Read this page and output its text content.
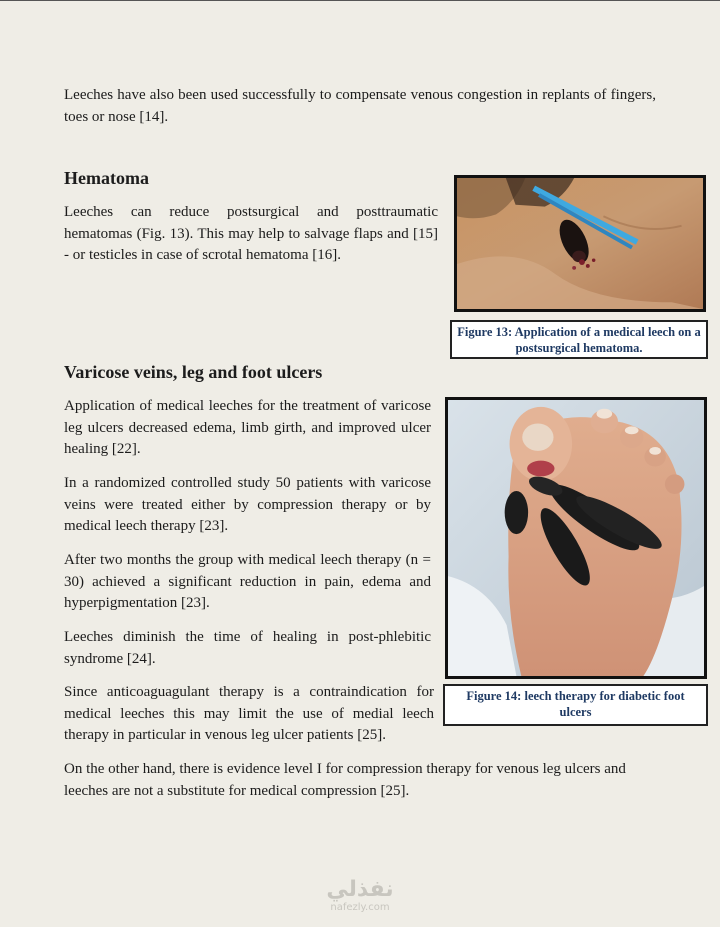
Leeches have also been used successfully to compensate venous congestion in replants of fingers, toes or nose [14].

Hematoma

Leeches can reduce postsurgical and posttraumatic hematomas (Fig. 13). This may help to salvage flaps and [15] - or testicles in case of scrotal hematoma [16].

Figure 13: Application of a medical leech on a postsurgical hematoma.
Varicose veins, leg and foot ulcers

Application of medical leeches for the treatment of varicose leg ulcers decreased edema, limb girth, and improved ulcer healing [22].

In a randomized controlled study 50 patients with varicose veins were treated either by compression therapy or by medical leech therapy [23].

After two months the group with medical leech therapy (n = 30) achieved a significant reduction in pain, edema and hyperpigmentation [23].

Leeches diminish the time of healing in post-phlebitic syndrome [24].

Since anticoaguagulant therapy is a contraindication for medical leeches this may limit the use of medial leech therapy in particular in venous leg ulcer patients [25].

Figure 14: leech therapy for diabetic foot ulcers

On the other hand, there is evidence level I for compression therapy for venous leg ulcers and leeches are not a substitute for medical compression [25].

نفذلي
nafezly.com
